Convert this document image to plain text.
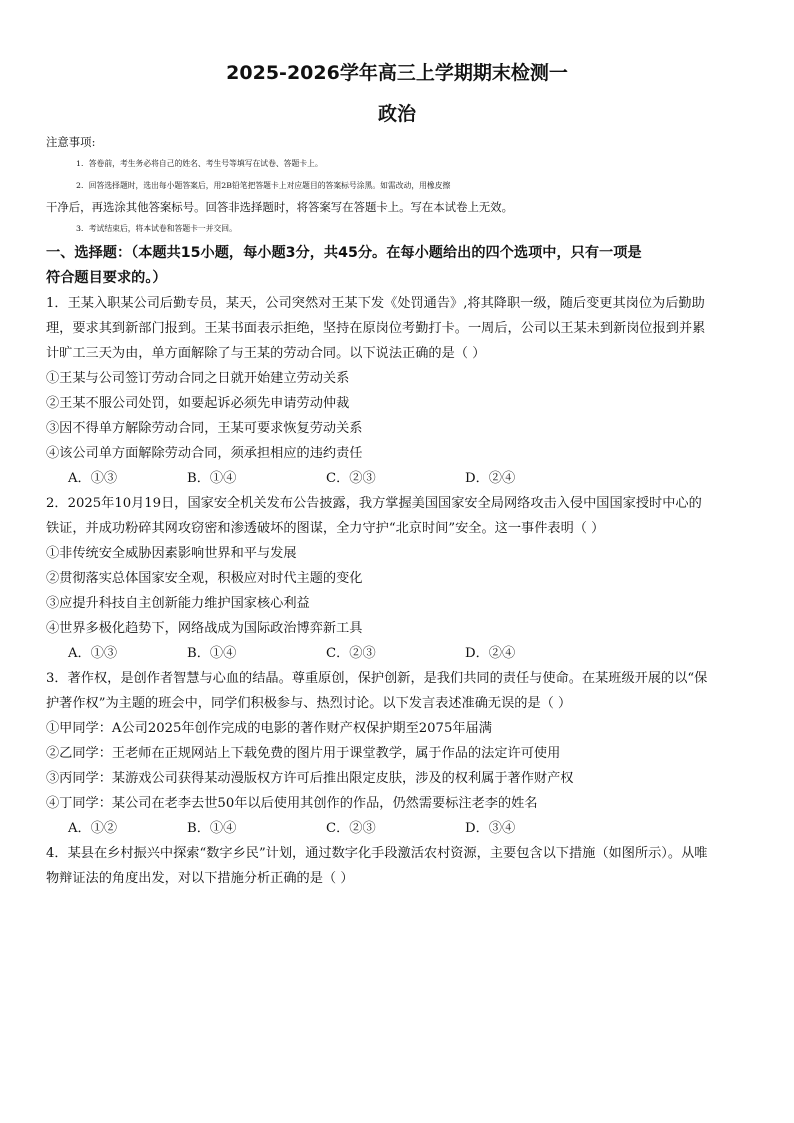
2025-2026学年高三上学期期末检测一
政治
注意事项:
1．答卷前，考生务必将自己的姓名、考生号等填写在试卷、答题卡上。
2．回答选择题时，选出每小题答案后，用2B铅笔把答题卡上对应题目的答案标号涂黑。如需改动，用橡皮擦
干净后，再选涂其他答案标号。回答非选择题时，将答案写在答题卡上。写在本试卷上无效。
3．考试结束后，将本试卷和答题卡一并交回。
一、选择题：（本题共15小题，每小题3分，共45分。在每小题给出的四个选项中，只有一项是
符合题目要求的。）
1．王某入职某公司后勤专员，某天，公司突然对王某下发《处罚通告》,将其降职一级，随后变更其岗位为后勤助
理，要求其到新部门报到。王某书面表示拒绝，坚持在原岗位考勤打卡。一周后，公司以王某未到新岗位报到并累
计旷工三天为由，单方面解除了与王某的劳动合同。以下说法正确的是（ ）
①王某与公司签订劳动合同之日就开始建立劳动关系
②王某不服公司处罚，如要起诉必须先申请劳动仲裁
③因不得单方解除劳动合同，王某可要求恢复劳动关系
④该公司单方面解除劳动合同，须承担相应的违约责任
A．①③	B．①④	C．②③	D．②④
2．2025年10月19日，国家安全机关发布公告披露，我方掌握美国国家安全局网络攻击入侵中国国家授时中心的
铁证，并成功粉碎其网攻窃密和渗透破坏的图谋，全力守护“北京时间”安全。这一事件表明（ ）
①非传统安全威胁因素影响世界和平与发展
②贯彻落实总体国家安全观，积极应对时代主题的变化
③应提升科技自主创新能力维护国家核心利益
④世界多极化趋势下，网络战成为国际政治博弈新工具
A．①③	B．①④	C．②③	D．②④
3．著作权，是创作者智慧与心血的结晶。尊重原创，保护创新，是我们共同的责任与使命。在某班级开展的以“保
护著作权”为主题的班会中，同学们积极参与、热烈讨论。以下发言表述准确无误的是（ ）
①甲同学：A公司2025年创作完成的电影的著作财产权保护期至2075年届满
②乙同学：王老师在正规网站上下载免费的图片用于课堂教学，属于作品的法定许可使用
③丙同学：某游戏公司获得某动漫版权方许可后推出限定皮肤，涉及的权利属于著作财产权
④丁同学：某公司在老李去世50年以后使用其创作的作品，仍然需要标注老李的姓名
A．①②	B．①④	C．②③	D．③④
4．某县在乡村振兴中探索“数字乡民”计划，通过数字化手段激活农村资源，主要包含以下措施（如图所示）。从唯
物辩证法的角度出发，对以下措施分析正确的是（ ）
